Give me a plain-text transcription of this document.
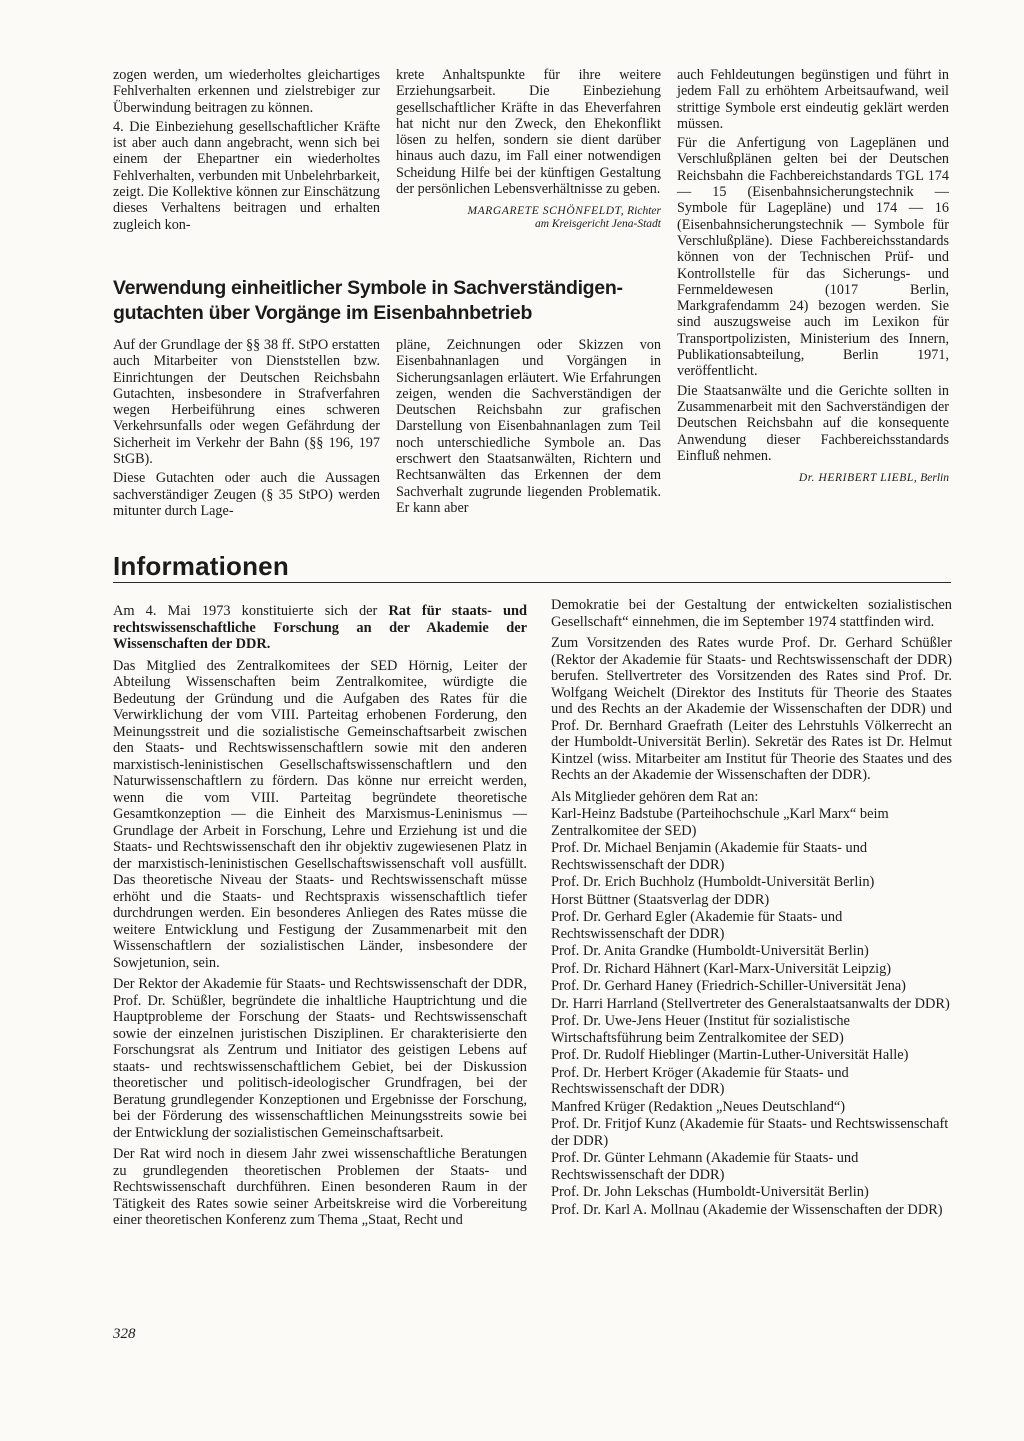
zogen werden, um wiederholtes gleichartiges Fehlverhalten erkennen und zielstrebiger zur Überwindung beitragen zu können.

4. Die Einbeziehung gesellschaftlicher Kräfte ist aber auch dann angebracht, wenn sich bei einem der Ehepartner ein wiederholtes Fehlverhalten, verbunden mit Unbelehrbarkeit, zeigt. Die Kollektive können zur Einschätzung dieses Verhaltens beitragen und erhalten zugleich kon-

krete Anhaltspunkte für ihre weitere Erziehungsarbeit. Die Einbeziehung gesellschaftlicher Kräfte in das Eheverfahren hat nicht nur den Zweck, den Ehekonflikt lösen zu helfen, sondern sie dient darüber hinaus auch dazu, im Fall einer notwendigen Scheidung Hilfe bei der künftigen Gestaltung der persönlichen Lebensverhältnisse zu geben.

MARGARETE SCHÖNFELDT, Richter
am Kreisgericht Jena-Stadt

Verwendung einheitlicher Symbole in Sachverständigen-
gutachten über Vorgänge im Eisenbahnbetrieb

Auf der Grundlage der §§ 38 ff. StPO erstatten auch Mitarbeiter von Dienststellen bzw. Einrichtungen der Deutschen Reichsbahn Gutachten, insbesondere in Strafverfahren wegen Herbeiführung eines schweren Verkehrsunfalls oder wegen Gefährdung der Sicherheit im Verkehr der Bahn (§§ 196, 197 StGB).

Diese Gutachten oder auch die Aussagen sachverständiger Zeugen (§ 35 StPO) werden mitunter durch Lage-

pläne, Zeichnungen oder Skizzen von Eisenbahnanlagen und Vorgängen in Sicherungsanlagen erläutert. Wie Erfahrungen zeigen, wenden die Sachverständigen der Deutschen Reichsbahn zur grafischen Darstellung von Eisenbahnanlagen zum Teil noch unterschiedliche Symbole an. Das erschwert den Staatsanwälten, Richtern und Rechtsanwälten das Erkennen der dem Sachverhalt zugrunde liegenden Problematik. Er kann aber

auch Fehldeutungen begünstigen und führt in jedem Fall zu erhöhtem Arbeitsaufwand, weil strittige Symbole erst eindeutig geklärt werden müssen.

Für die Anfertigung von Lageplänen und Verschlußplänen gelten bei der Deutschen Reichsbahn die Fachbereichstandards TGL 174 — 15 (Eisenbahnsicherungstechnik — Symbole für Lagepläne) und 174 — 16 (Eisenbahnsicherungstechnik — Symbole für Verschlußpläne). Diese Fachbereichsstandards können von der Technischen Prüf- und Kontrollstelle für das Sicherungs- und Fernmeldewesen (1017 Berlin, Markgrafendamm 24) bezogen werden. Sie sind auszugsweise auch im Lexikon für Transportpolizisten, Ministerium des Innern, Publikationsabteilung, Berlin 1971, veröffentlicht.

Die Staatsanwälte und die Gerichte sollten in Zusammenarbeit mit den Sachverständigen der Deutschen Reichsbahn auf die konsequente Anwendung dieser Fachbereichsstandards Einfluß nehmen.

Dr. HERIBERT LIEBL, Berlin

Informationen

Am 4. Mai 1973 konstituierte sich der Rat für staats- und rechtswissenschaftliche Forschung an der Akademie der Wissenschaften der DDR.

Das Mitglied des Zentralkomitees der SED Hörnig, Leiter der Abteilung Wissenschaften beim Zentralkomitee, würdigte die Bedeutung der Gründung und die Aufgaben des Rates für die Verwirklichung der vom VIII. Parteitag erhobenen Forderung, den Meinungsstreit und die sozialistische Gemeinschaftsarbeit zwischen den Staats- und Rechtswissenschaftlern sowie mit den anderen marxistisch-leninistischen Gesellschaftswissenschaftlern und den Naturwissenschaftlern zu fördern. Das könne nur erreicht werden, wenn die vom VIII. Parteitag begründete theoretische Gesamtkonzeption — die Einheit des Marxismus-Leninismus — Grundlage der Arbeit in Forschung, Lehre und Erziehung ist und die Staats- und Rechtswissenschaft den ihr objektiv zugewiesenen Platz in der marxistisch-leninistischen Gesellschaftswissenschaft voll ausfüllt. Das theoretische Niveau der Staats- und Rechtswissenschaft müsse erhöht und die Staats- und Rechtspraxis wissenschaftlich tiefer durchdrungen werden. Ein besonderes Anliegen des Rates müsse die weitere Entwicklung und Festigung der Zusammenarbeit mit den Wissenschaftlern der sozialistischen Länder, insbesondere der Sowjetunion, sein.

Der Rektor der Akademie für Staats- und Rechtswissenschaft der DDR, Prof. Dr. Schüßler, begründete die inhaltliche Hauptrichtung und die Hauptprobleme der Forschung der Staats- und Rechtswissenschaft sowie der einzelnen juristischen Disziplinen. Er charakterisierte den Forschungsrat als Zentrum und Initiator des geistigen Lebens auf staats- und rechtswissenschaftlichem Gebiet, bei der Diskussion theoretischer und politisch-ideologischer Grundfragen, bei der Beratung grundlegender Konzeptionen und Ergebnisse der Forschung, bei der Förderung des wissenschaftlichen Meinungsstreits sowie bei der Entwicklung der sozialistischen Gemeinschaftsarbeit.

Der Rat wird noch in diesem Jahr zwei wissenschaftliche Beratungen zu grundlegenden theoretischen Problemen der Staats- und Rechtswissenschaft durchführen. Einen besonderen Raum in der Tätigkeit des Rates sowie seiner Arbeitskreise wird die Vorbereitung einer theoretischen Konferenz zum Thema „Staat, Recht und

Demokratie bei der Gestaltung der entwickelten sozialistischen Gesellschaft“ einnehmen, die im September 1974 stattfinden wird.

Zum Vorsitzenden des Rates wurde Prof. Dr. Gerhard Schüßler (Rektor der Akademie für Staats- und Rechtswissenschaft der DDR) berufen. Stellvertreter des Vorsitzenden des Rates sind Prof. Dr. Wolfgang Weichelt (Direktor des Instituts für Theorie des Staates und des Rechts an der Akademie der Wissenschaften der DDR) und Prof. Dr. Bernhard Graefrath (Leiter des Lehrstuhls Völkerrecht an der Humboldt-Universität Berlin). Sekretär des Rates ist Dr. Helmut Kintzel (wiss. Mitarbeiter am Institut für Theorie des Staates und des Rechts an der Akademie der Wissenschaften der DDR).

Als Mitglieder gehören dem Rat an:

Karl-Heinz Badstube (Parteihochschule „Karl Marx“ beim Zentralkomitee der SED)

Prof. Dr. Michael Benjamin (Akademie für Staats- und Rechtswissenschaft der DDR)

Prof. Dr. Erich Buchholz (Humboldt-Universität Berlin)

Horst Büttner (Staatsverlag der DDR)

Prof. Dr. Gerhard Egler (Akademie für Staats- und Rechtswissenschaft der DDR)

Prof. Dr. Anita Grandke (Humboldt-Universität Berlin)

Prof. Dr. Richard Hähnert (Karl-Marx-Universität Leipzig)

Prof. Dr. Gerhard Haney (Friedrich-Schiller-Universität Jena)

Dr. Harri Harrland (Stellvertreter des Generalstaatsanwalts der DDR)

Prof. Dr. Uwe-Jens Heuer (Institut für sozialistische Wirtschaftsführung beim Zentralkomitee der SED)

Prof. Dr. Rudolf Hieblinger (Martin-Luther-Universität Halle)

Prof. Dr. Herbert Kröger (Akademie für Staats- und Rechtswissenschaft der DDR)

Manfred Krüger (Redaktion „Neues Deutschland“)

Prof. Dr. Fritjof Kunz (Akademie für Staats- und Rechtswissenschaft der DDR)

Prof. Dr. Günter Lehmann (Akademie für Staats- und Rechtswissenschaft der DDR)

Prof. Dr. John Lekschas (Humboldt-Universität Berlin)

Prof. Dr. Karl A. Mollnau (Akademie der Wissenschaften der DDR)

328
